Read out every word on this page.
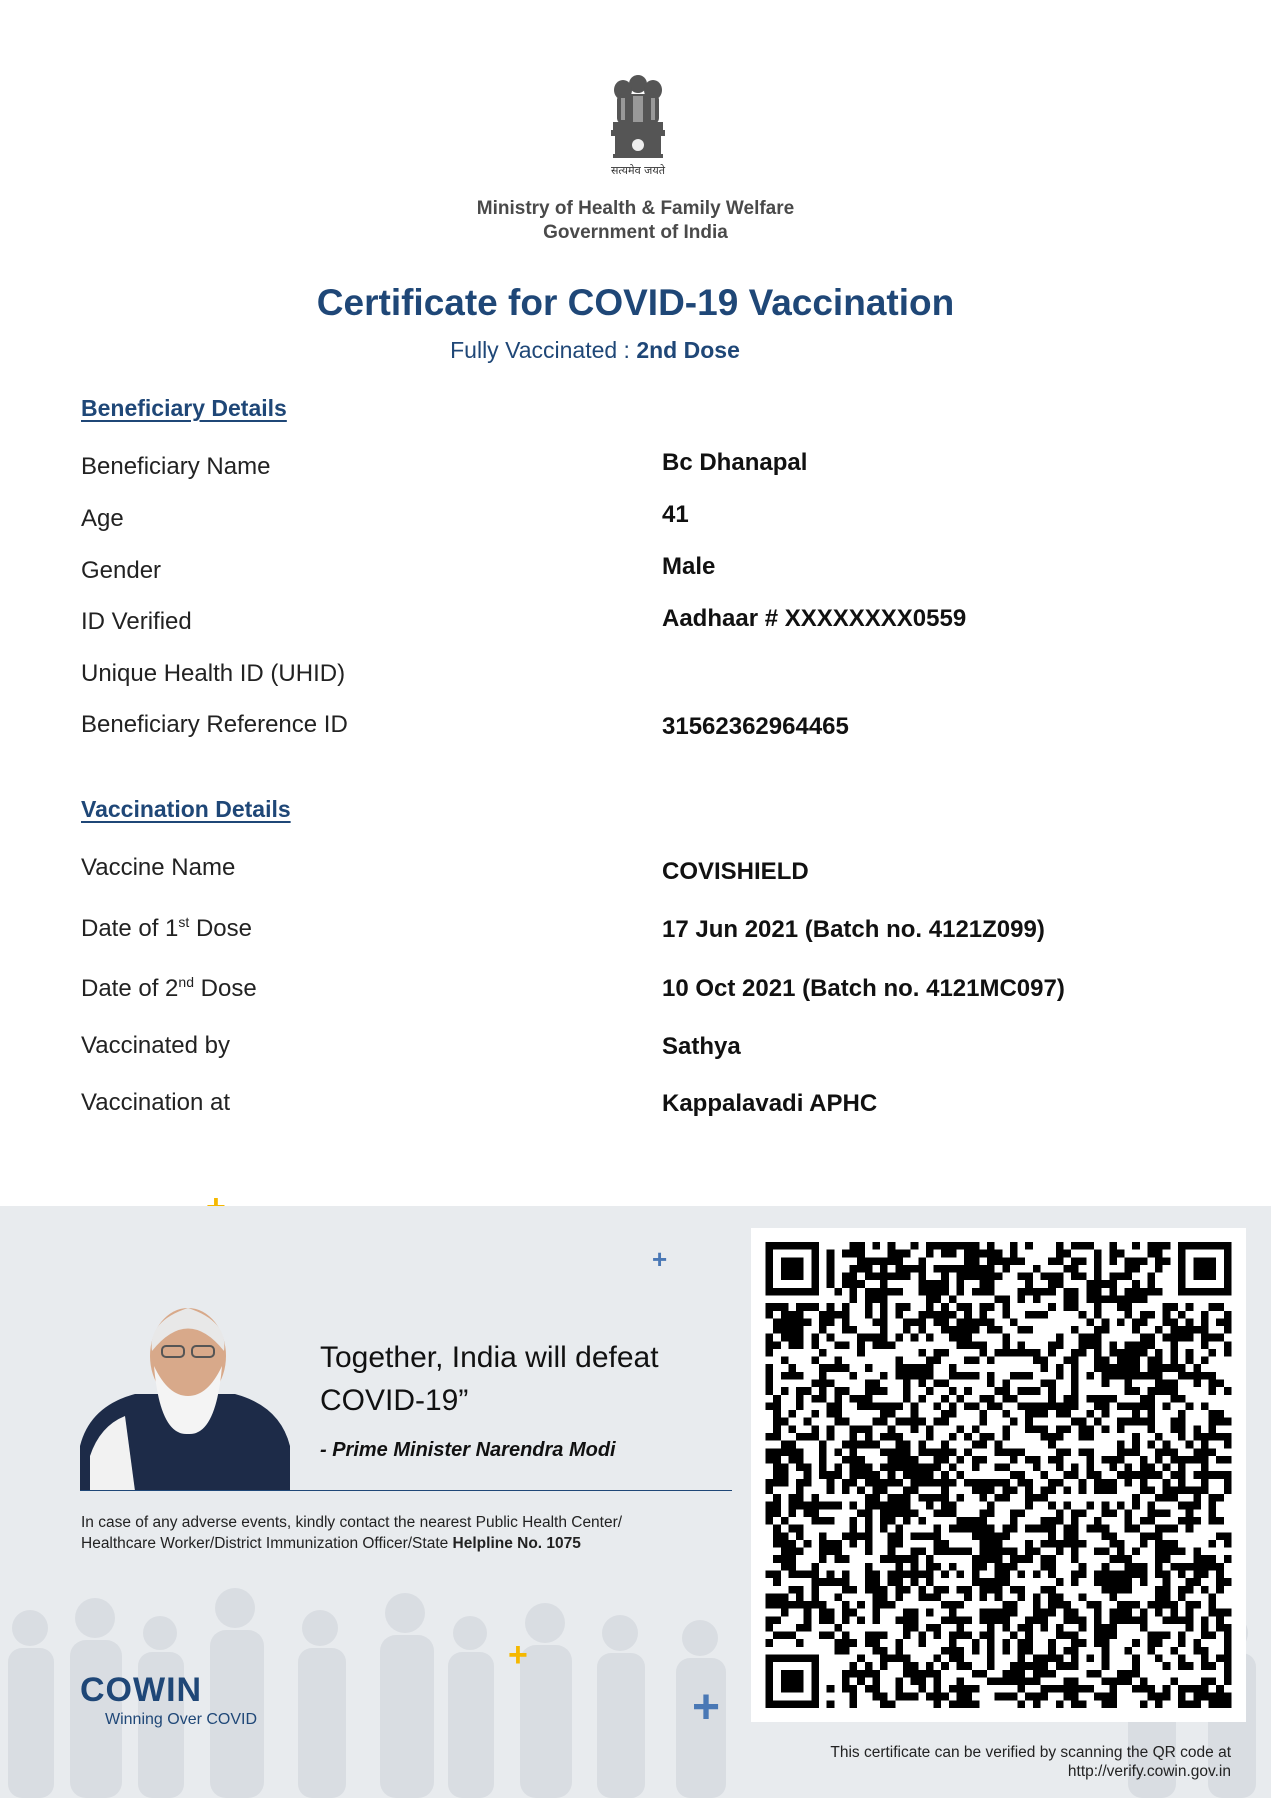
सत्यमेव जयते
Ministry of Health & Family Welfare
Government of India
Certificate for COVID-19 Vaccination
Fully Vaccinated : 2nd Dose
Beneficiary Details
Beneficiary Name	Bc Dhanapal
Age	41
Gender	Male
ID Verified	Aadhaar # XXXXXXXX0559
Unique Health ID (UHID)
Beneficiary Reference ID	31562362964465
Vaccination Details
Vaccine Name	COVISHIELD
Date of 1st Dose	17 Jun 2021 (Batch no. 4121Z099)
Date of 2nd Dose	10 Oct 2021 (Batch no. 4121MC097)
Vaccinated by	Sathya
Vaccination at	Kappalavadi APHC
+
+
+
Together, India will defeat
COVID-19”
- Prime Minister Narendra Modi
In case of any adverse events, kindly contact the nearest Public Health Center/
Healthcare Worker/District Immunization Officer/State Helpline No. 1075
COWIN
Winning Over COVID
This certificate can be verified by scanning the QR code at
http://verify.cowin.gov.in
